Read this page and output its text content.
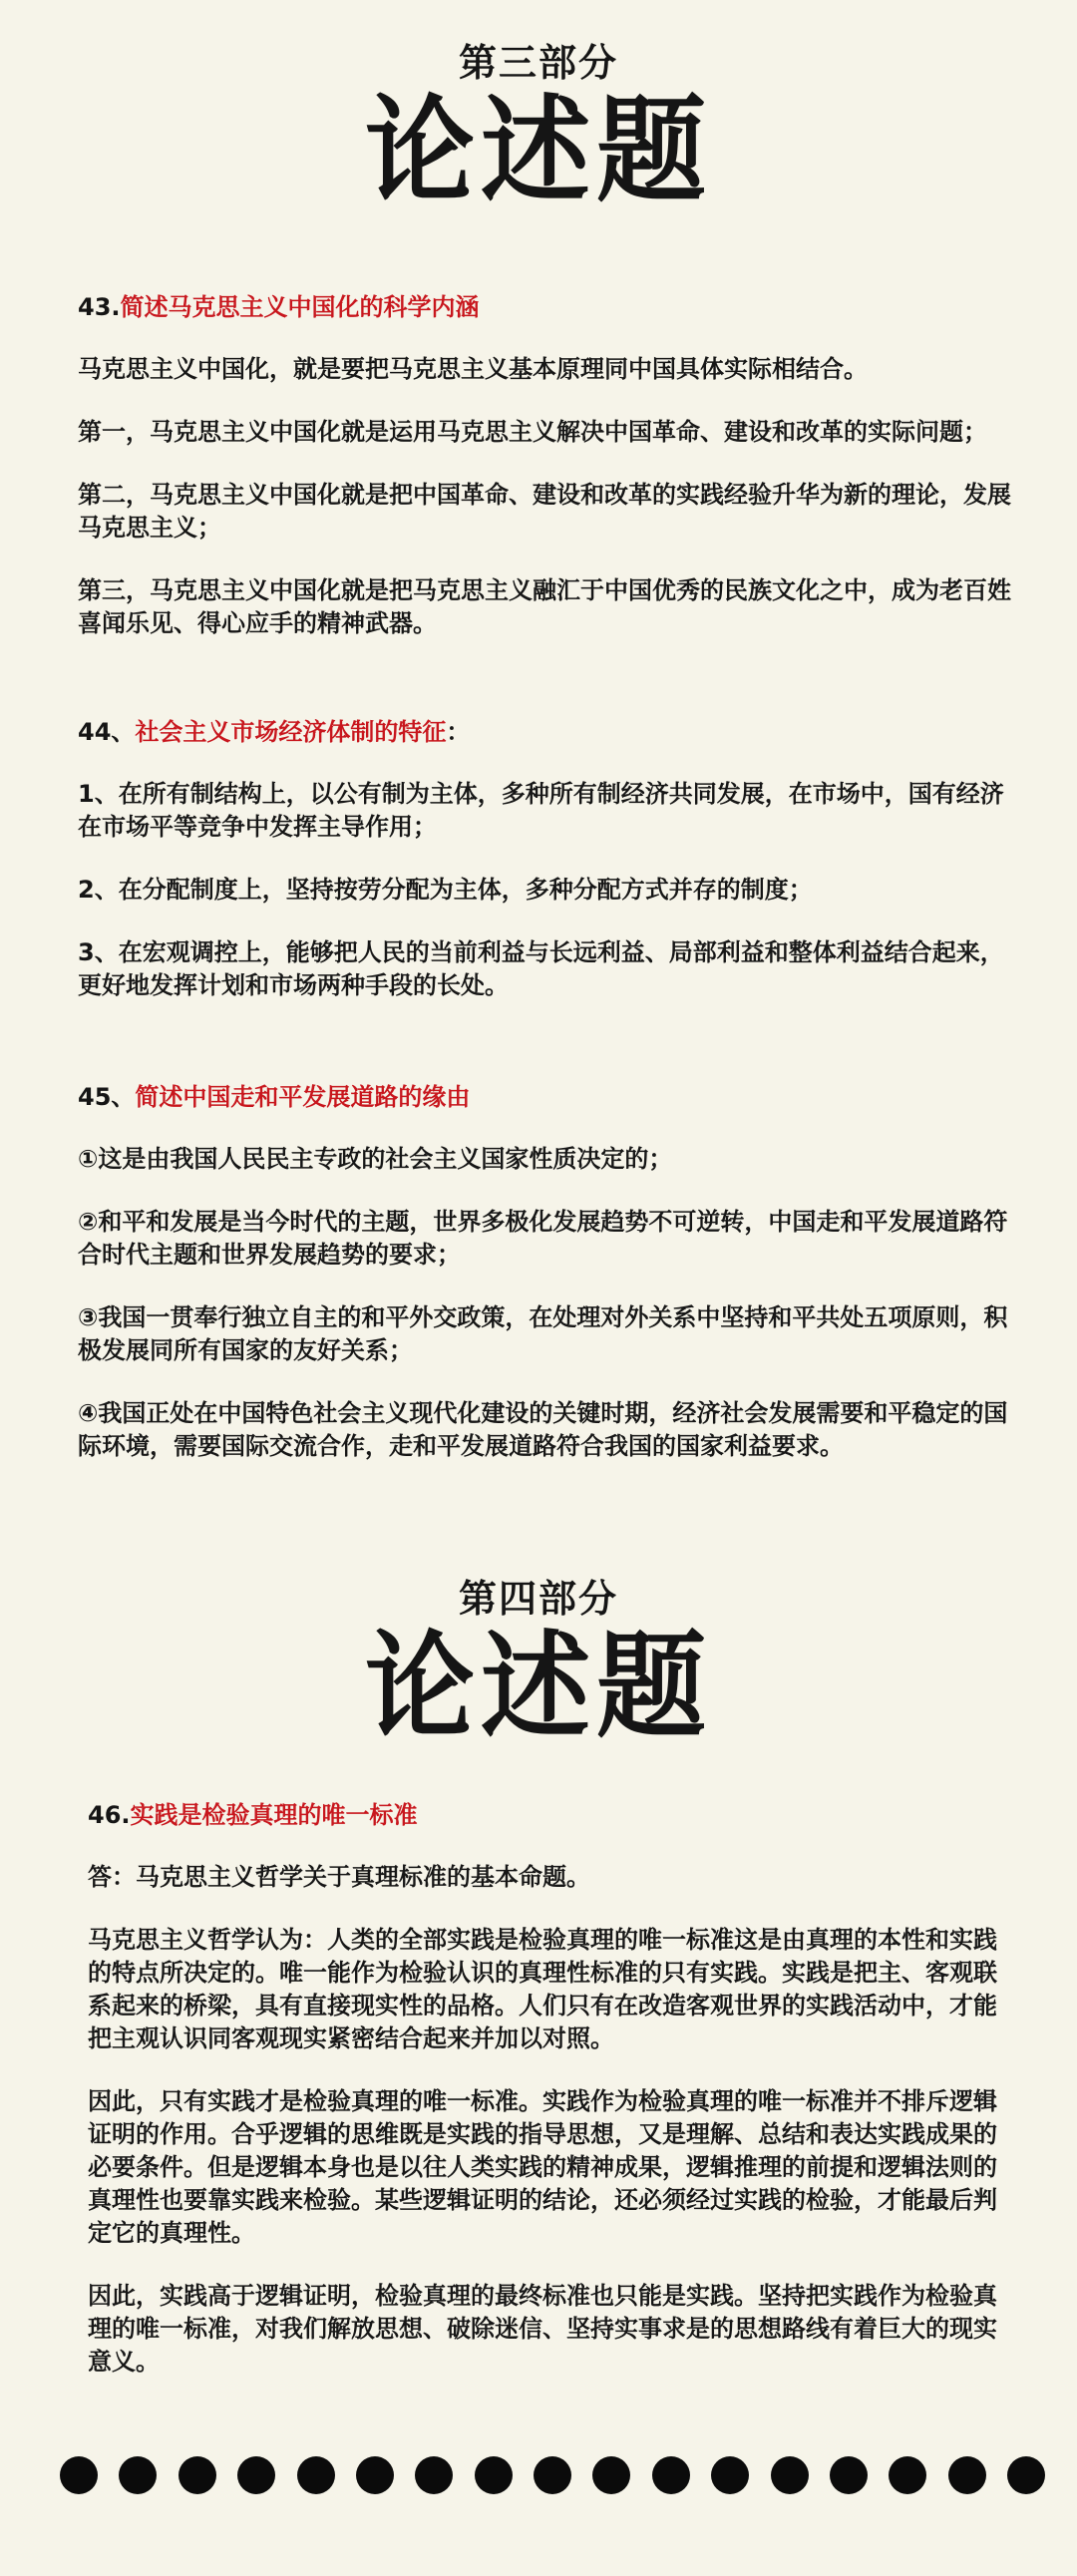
第三部分
论述题

43.简述马克思主义中国化的科学内涵

马克思主义中国化，就是要把马克思主义基本原理同中国具体实际相结合。

第一，马克思主义中国化就是运用马克思主义解决中国革命、建设和改革的实际问题；

第二，马克思主义中国化就是把中国革命、建设和改革的实践经验升华为新的理论，发展马克思主义；

第三，马克思主义中国化就是把马克思主义融汇于中国优秀的民族文化之中，成为老百姓喜闻乐见、得心应手的精神武器。

44、社会主义市场经济体制的特征：

1、在所有制结构上，以公有制为主体，多种所有制经济共同发展，在市场中，国有经济在市场平等竞争中发挥主导作用；

2、在分配制度上，坚持按劳分配为主体，多种分配方式并存的制度；

3、在宏观调控上，能够把人民的当前利益与长远利益、局部利益和整体利益结合起来，更好地发挥计划和市场两种手段的长处。

45、简述中国走和平发展道路的缘由

①这是由我国人民民主专政的社会主义国家性质决定的；

②和平和发展是当今时代的主题，世界多极化发展趋势不可逆转，中国走和平发展道路符合时代主题和世界发展趋势的要求；

③我国一贯奉行独立自主的和平外交政策，在处理对外关系中坚持和平共处五项原则，积极发展同所有国家的友好关系；

④我国正处在中国特色社会主义现代化建设的关键时期，经济社会发展需要和平稳定的国际环境，需要国际交流合作，走和平发展道路符合我国的国家利益要求。

第四部分
论述题

46.实践是检验真理的唯一标准

答：马克思主义哲学关于真理标准的基本命题。

马克思主义哲学认为：人类的全部实践是检验真理的唯一标准这是由真理的本性和实践的特点所决定的。唯一能作为检验认识的真理性标准的只有实践。实践是把主、客观联系起来的桥梁，具有直接现实性的品格。人们只有在改造客观世界的实践活动中，才能把主观认识同客观现实紧密结合起来并加以对照。

因此，只有实践才是检验真理的唯一标准。实践作为检验真理的唯一标准并不排斥逻辑证明的作用。合乎逻辑的思维既是实践的指导思想，又是理解、总结和表达实践成果的必要条件。但是逻辑本身也是以往人类实践的精神成果，逻辑推理的前提和逻辑法则的真理性也要靠实践来检验。某些逻辑证明的结论，还必须经过实践的检验，才能最后判定它的真理性。

因此，实践高于逻辑证明，检验真理的最终标准也只能是实践。坚持把实践作为检验真理的唯一标准，对我们解放思想、破除迷信、坚持实事求是的思想路线有着巨大的现实意义。
